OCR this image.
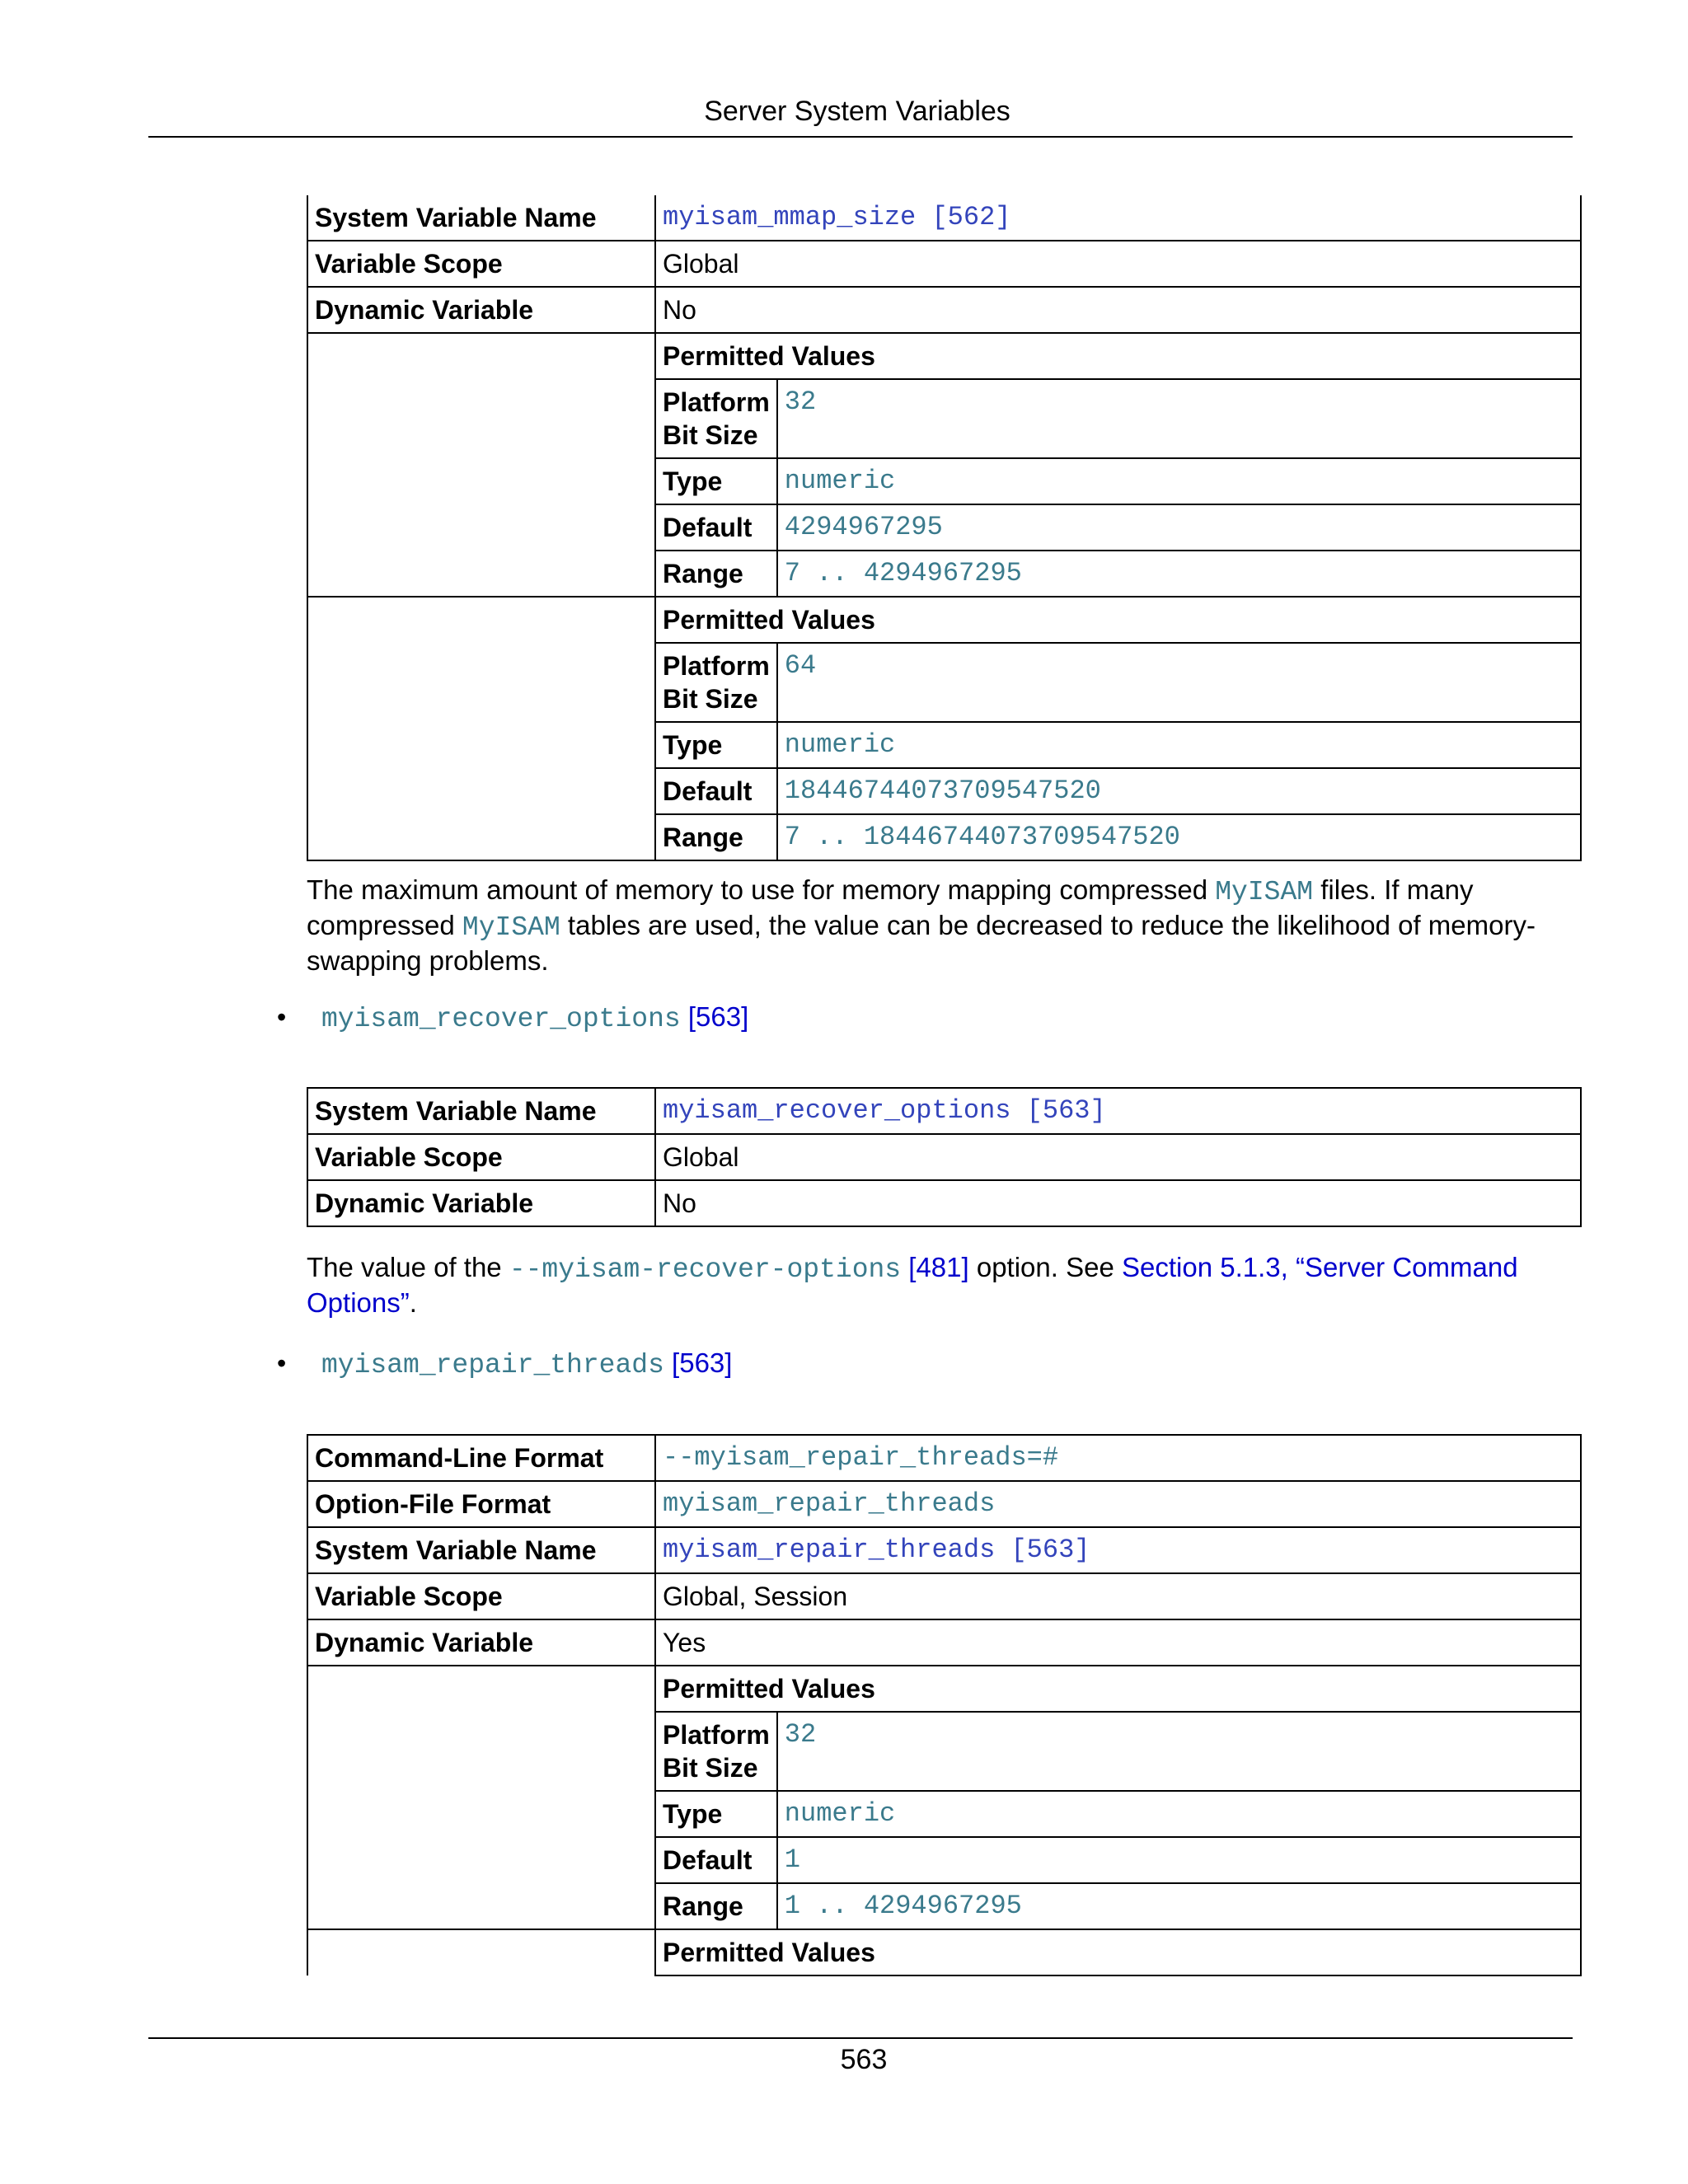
Server System Variables
System Variable Name	myisam_mmap_size [562]
Variable Scope	Global
Dynamic Variable	No

Permitted Values
Platform
Bit Size	32
Type	numeric
Default	4294967295
Range	7 .. 4294967295

Permitted Values
Platform
Bit Size	64
Type	numeric
Default	18446744073709547520
Range	7 .. 18446744073709547520
The maximum amount of memory to use for memory mapping compressed MyISAM files. If many compressed MyISAM tables are used, the value can be decreased to reduce the likelihood of memory-swapping problems.
• myisam_recover_options [563]
System Variable Name	myisam_recover_options [563]
Variable Scope	Global
Dynamic Variable	No
The value of the --myisam-recover-options [481] option. See Section 5.1.3, “Server Command Options”.
• myisam_repair_threads [563]
Command-Line Format	--myisam_repair_threads=#
Option-File Format	myisam_repair_threads
System Variable Name	myisam_repair_threads [563]
Variable Scope	Global, Session
Dynamic Variable	Yes

Permitted Values
Platform
Bit Size	32
Type	numeric
Default	1
Range	1 .. 4294967295

Permitted Values
563
